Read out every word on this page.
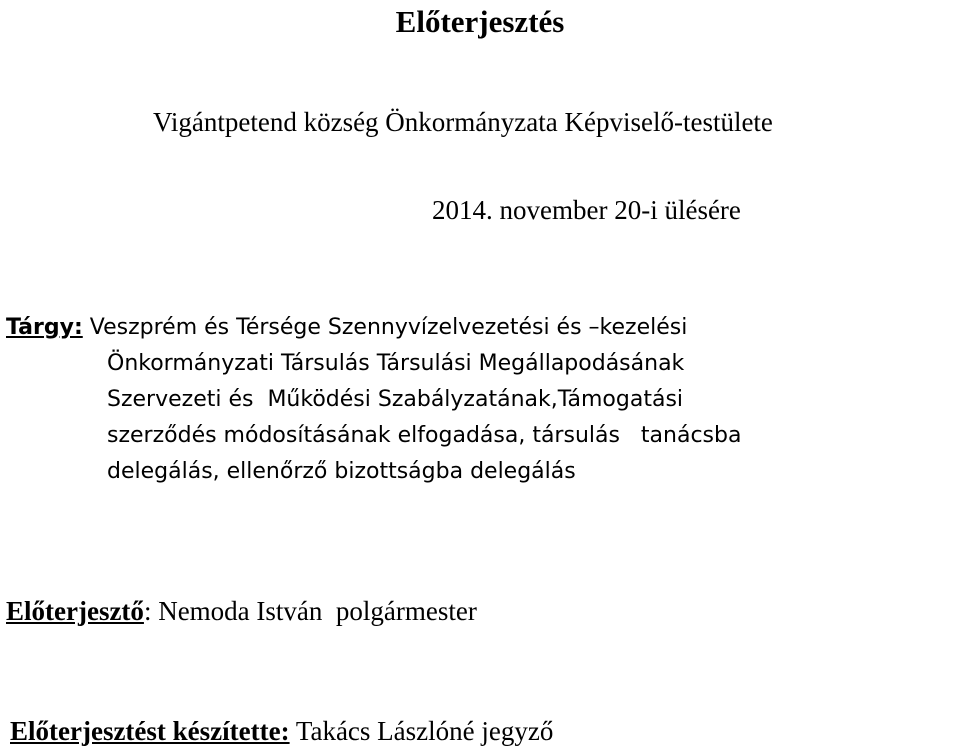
Előterjesztés
Vigántpetend község Önkormányzata Képviselő-testülete
2014. november 20-i ülésére
Tárgy: Veszprém és Térsége Szennyvízelvezetési és –kezelési
Önkormányzati Társulás Társulási Megállapodásának
Szervezeti és  Működési Szabályzatának,Támogatási
szerződés módosításának elfogadása, társulás   tanácsba
delegálás, ellenőrző bizottságba delegálás
Előterjesztő: Nemoda István  polgármester
Előterjesztést készítette: Takács Lászlóné jegyző
